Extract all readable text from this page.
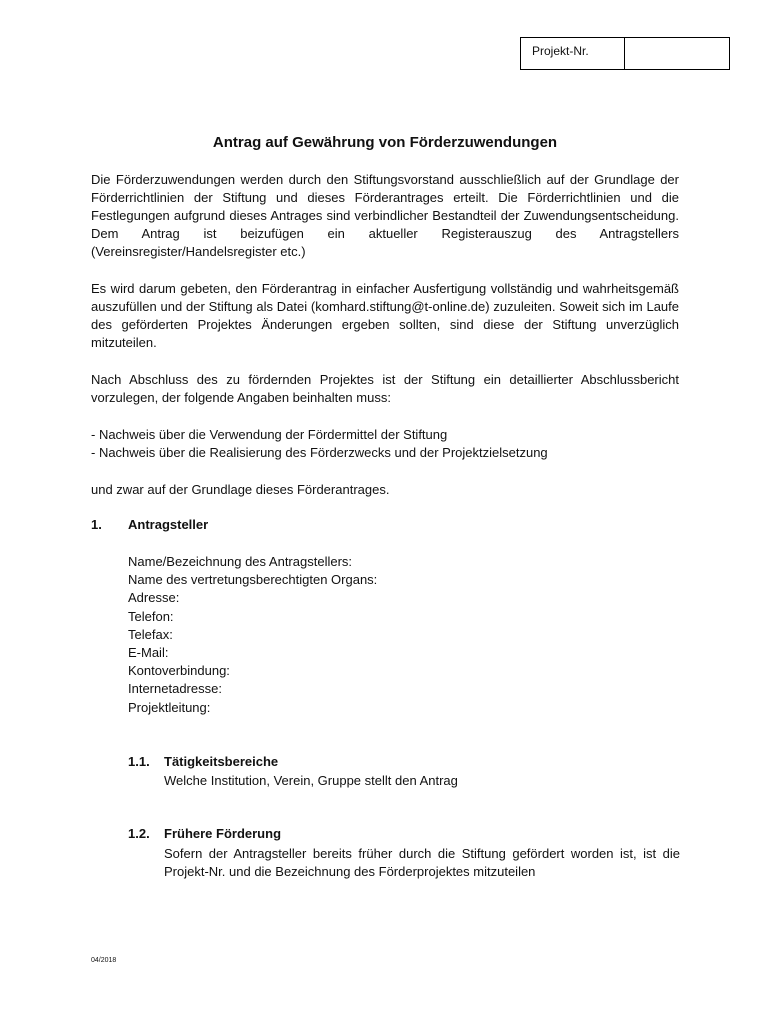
Projekt-Nr.
Antrag auf Gewährung von Förderzuwendungen
Die Förderzuwendungen werden durch den Stiftungsvorstand ausschließlich auf der Grundlage der Förderrichtlinien der Stiftung und dieses Förderantrages erteilt. Die Förderrichtlinien und die Festlegungen aufgrund dieses Antrages sind verbindlicher Bestandteil der Zuwendungsentscheidung. Dem Antrag ist beizufügen ein aktueller Registerauszug des Antragstellers (Vereinsregister/Handelsregister etc.)
Es wird darum gebeten, den Förderantrag in einfacher Ausfertigung vollständig und wahrheitsgemäß auszufüllen und der Stiftung als Datei (komhard.stiftung@t-online.de) zuzuleiten. Soweit sich im Laufe des geförderten Projektes Änderungen ergeben sollten, sind diese der Stiftung unverzüglich mitzuteilen.
Nach Abschluss des zu fördernden Projektes ist der Stiftung ein detaillierter Abschlussbericht vorzulegen, der folgende Angaben beinhalten muss:
- Nachweis über die Verwendung der Fördermittel der Stiftung
- Nachweis über die Realisierung des Förderzwecks und der Projektzielsetzung
und zwar auf der Grundlage dieses Förderantrages.
1. Antragsteller
Name/Bezeichnung des Antragstellers:
Name des vertretungsberechtigten Organs:
Adresse:
Telefon:
Telefax:
E-Mail:
Kontoverbindung:
Internetadresse:
Projektleitung:
1.1. Tätigkeitsbereiche
Welche Institution, Verein, Gruppe stellt den Antrag
1.2. Frühere Förderung
Sofern der Antragsteller bereits früher durch die Stiftung gefördert worden ist, ist die Projekt-Nr. und die Bezeichnung des Förderprojektes mitzuteilen
04/2018
